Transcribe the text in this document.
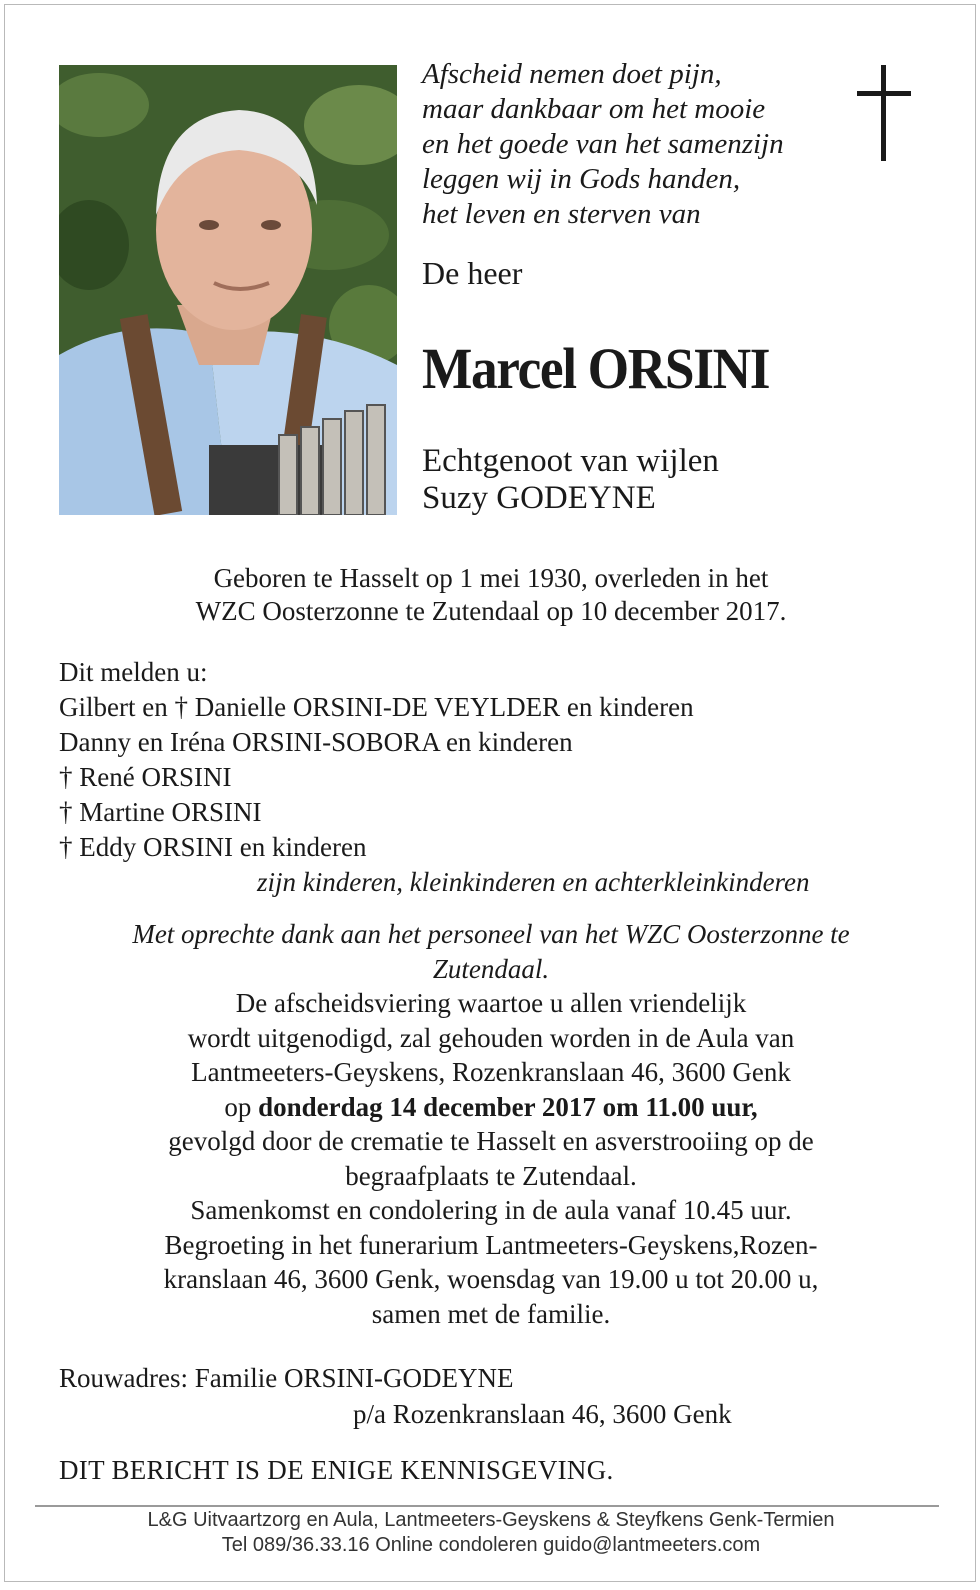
Afscheid nemen doet pijn,
maar dankbaar om het mooie
en het goede van het samenzijn
leggen wij in Gods handen,
het leven en sterven van
De heer
Marcel ORSINI
Echtgenoot van wijlen
Suzy GODEYNE
Geboren te Hasselt op 1 mei 1930, overleden in het
WZC Oosterzonne te Zutendaal op 10 december 2017.
Dit melden u:
Gilbert en † Danielle ORSINI-DE VEYLDER en kinderen
Danny en Iréna ORSINI-SOBORA en kinderen
† René ORSINI
† Martine ORSINI
† Eddy ORSINI en kinderen
zijn kinderen, kleinkinderen en achterkleinkinderen
Met oprechte dank aan het personeel van het WZC Oosterzonne te
Zutendaal.
De afscheidsviering waartoe u allen vriendelijk
wordt uitgenodigd, zal gehouden worden in de Aula van
Lantmeeters-Geyskens, Rozenkranslaan 46, 3600 Genk
op donderdag 14 december 2017 om 11.00 uur,
gevolgd door de crematie te Hasselt en asverstrooiing op de
begraafplaats te Zutendaal.
Samenkomst en condolering in de aula vanaf 10.45 uur.
Begroeting in het funerarium Lantmeeters-Geyskens,Rozen-
kranslaan 46, 3600 Genk, woensdag van 19.00 u tot 20.00 u,
samen met de familie.
Rouwadres: Familie ORSINI-GODEYNE
p/a Rozenkranslaan 46, 3600 Genk
DIT BERICHT IS DE ENIGE KENNISGEVING.
L&G Uitvaartzorg en Aula, Lantmeeters-Geyskens & Steyfkens Genk-Termien
Tel 089/36.33.16 Online condoleren guido@lantmeeters.com
